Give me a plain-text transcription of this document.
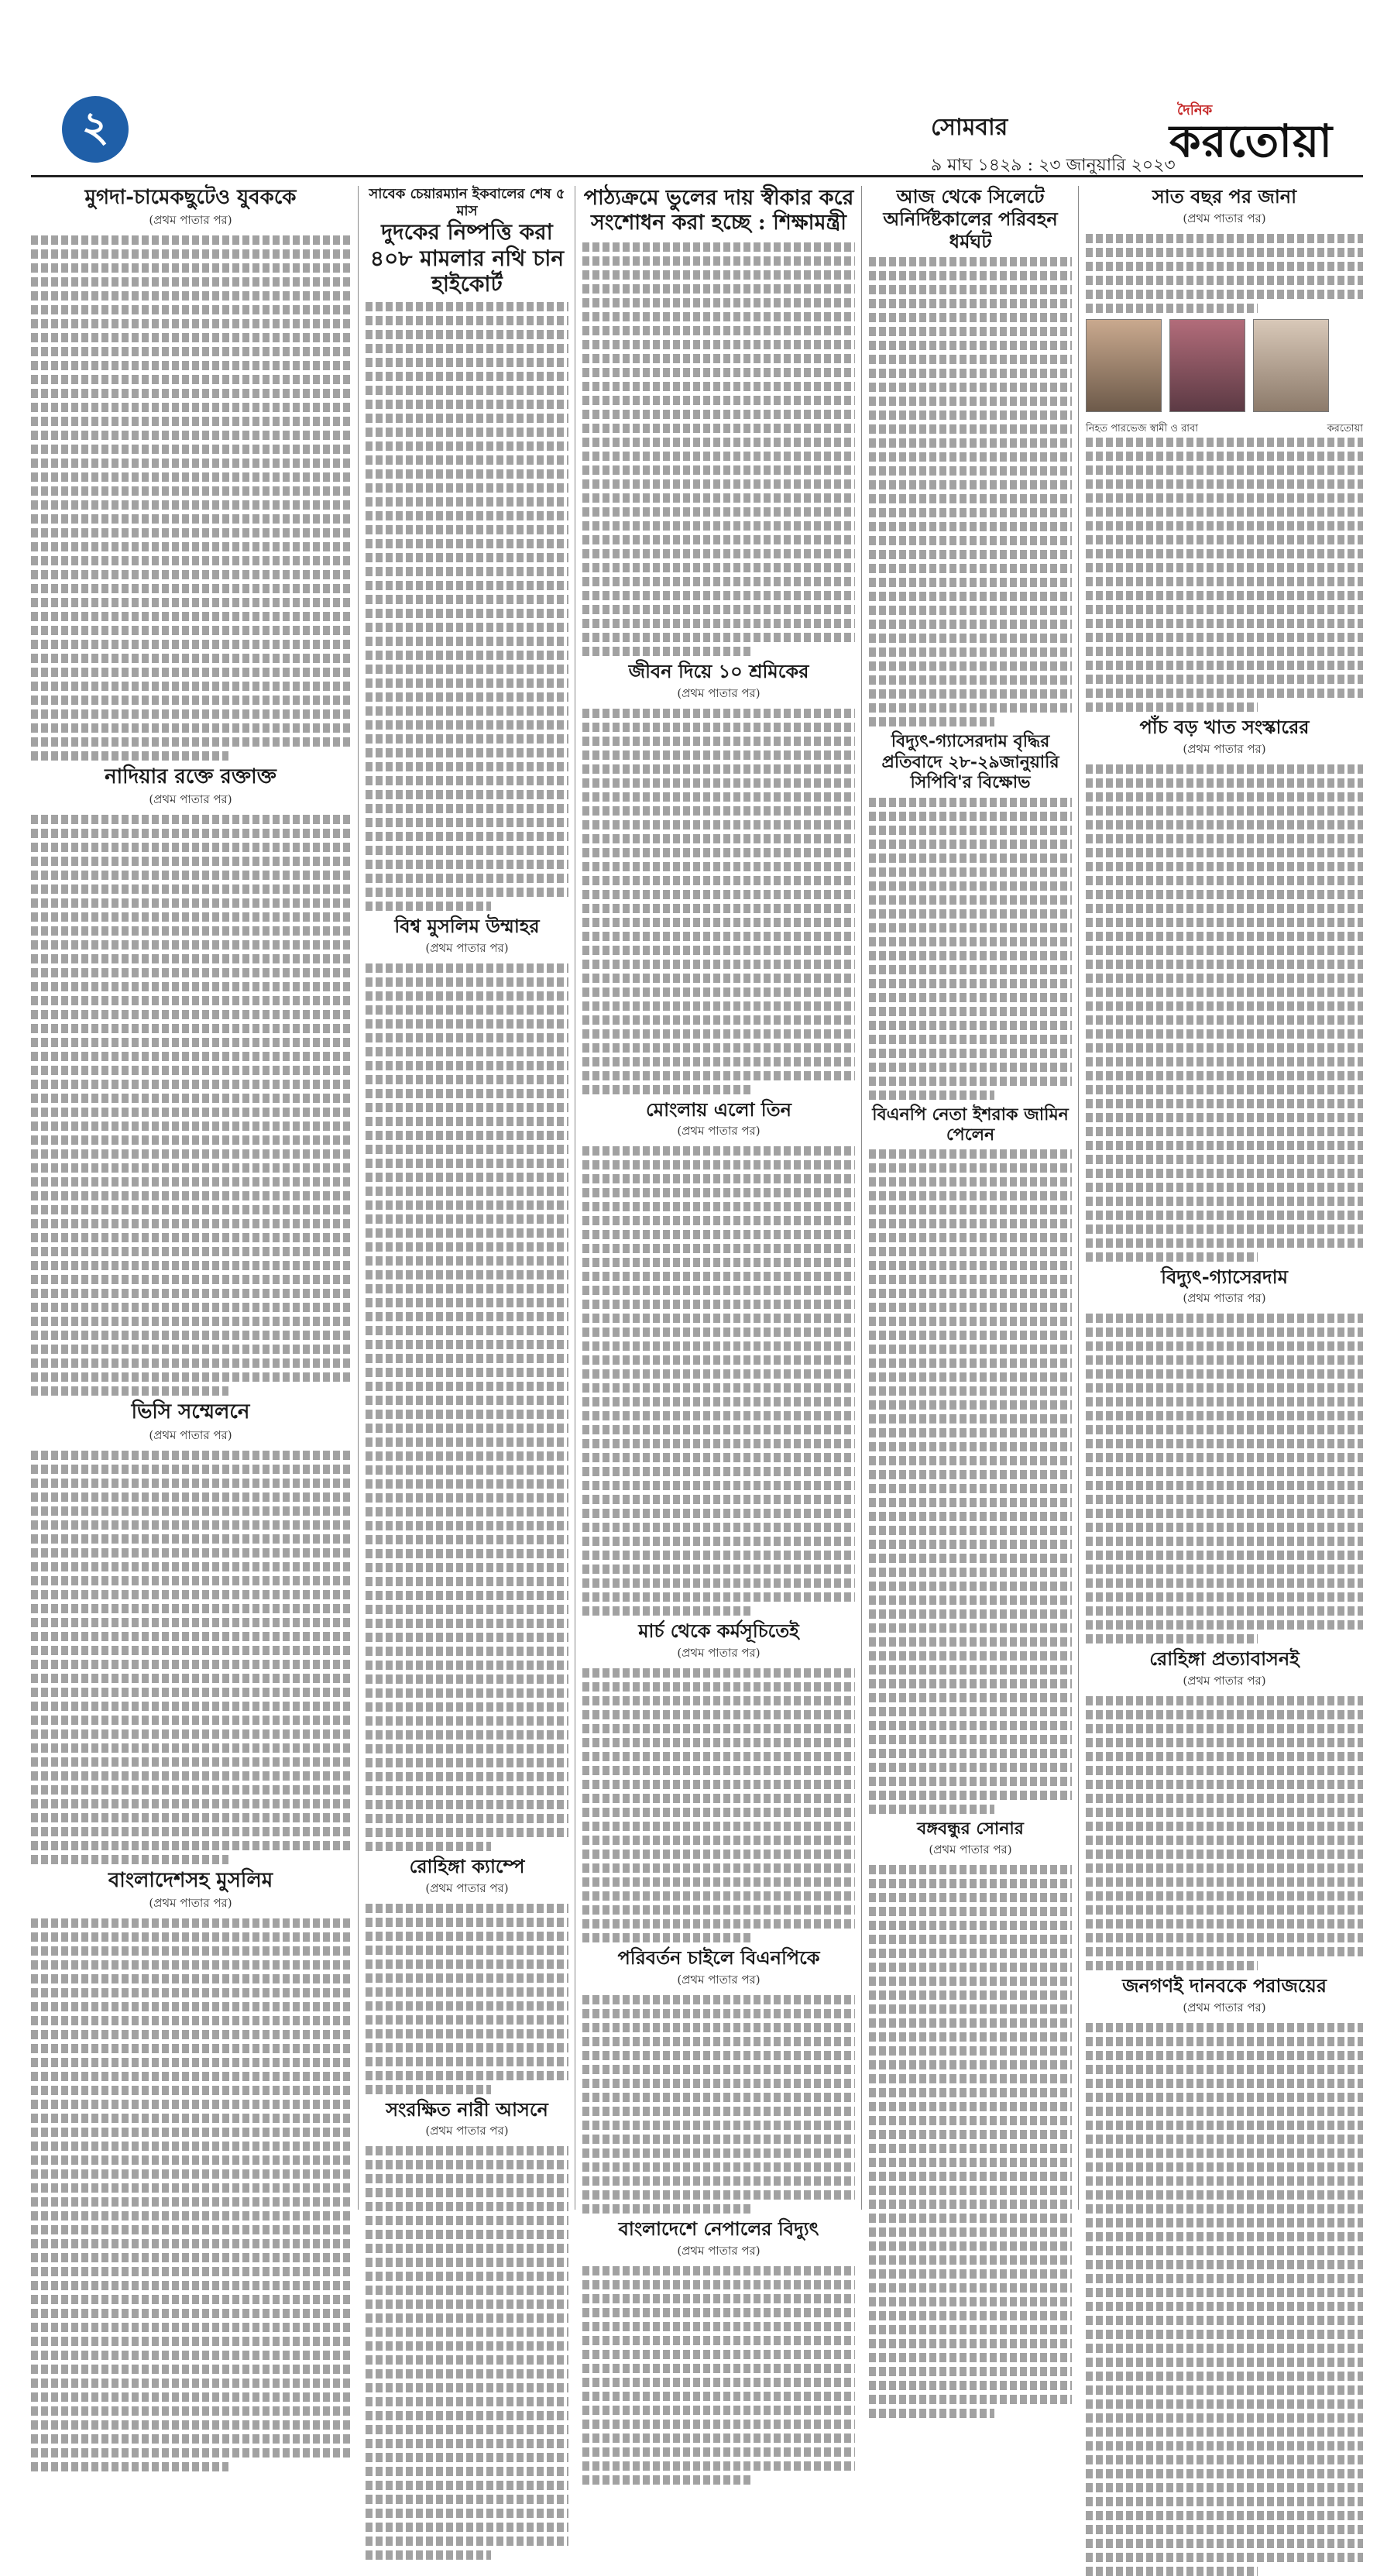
২	সোমবার
৯ মাঘ ১৪২৯ : ২৩ জানুয়ারি ২০২৩
দৈনিক
করতোয়া
মুগদা-চামেকছুটেও যুবককে
(প্রথম পাতার পর)
নাদিয়ার রক্তে রক্তাক্ত
(প্রথম পাতার পর)
ভিসি সম্মেলনে
(প্রথম পাতার পর)
বাংলাদেশসহ মুসলিম
(প্রথম পাতার পর)
সাবেক চেয়ারম্যান ইকবালের শেষ ৫ মাস
দুদকের নিষ্পত্তি করা ৪০৮ মামলার নথি চান হাইকোর্ট
বিশ্ব মুসলিম উম্মাহর
(প্রথম পাতার পর)
রোহিঙ্গা ক্যাম্পে
(প্রথম পাতার পর)
সংরক্ষিত নারী আসনে
(প্রথম পাতার পর)
পাঠ্যক্রমে ভুলের দায় স্বীকার করে সংশোধন করা হচ্ছে : শিক্ষামন্ত্রী
জীবন দিয়ে ১০ শ্রমিকের
(প্রথম পাতার পর)
মোংলায় এলো তিন
(প্রথম পাতার পর)
মার্চ থেকে কর্মসূচিতেই
(প্রথম পাতার পর)
পরিবর্তন চাইলে বিএনপিকে
(প্রথম পাতার পর)
বাংলাদেশে নেপালের বিদ্যুৎ
(প্রথম পাতার পর)
আজ থেকে সিলেটে অনির্দিষ্টকালের পরিবহন ধর্মঘট
বিদ্যুৎ-গ্যাসেরদাম বৃদ্ধির প্রতিবাদে ২৮-২৯জানুয়ারি সিপিবি'র বিক্ষোভ
বিএনপি নেতা ইশরাক জামিন পেলেন
বঙ্গবন্ধুর সোনার
(প্রথম পাতার পর)
সাত বছর পর জানা
(প্রথম পাতার পর)
নিহত পারভেজ স্বামী ও রাবা	করতোয়া
পাঁচ বড় খাত সংস্কারের
(প্রথম পাতার পর)
বিদ্যুৎ-গ্যাসেরদাম
(প্রথম পাতার পর)
রোহিঙ্গা প্রত্যাবাসনই
(প্রথম পাতার পর)
জনগণই দানবকে পরাজয়ের
(প্রথম পাতার পর)
